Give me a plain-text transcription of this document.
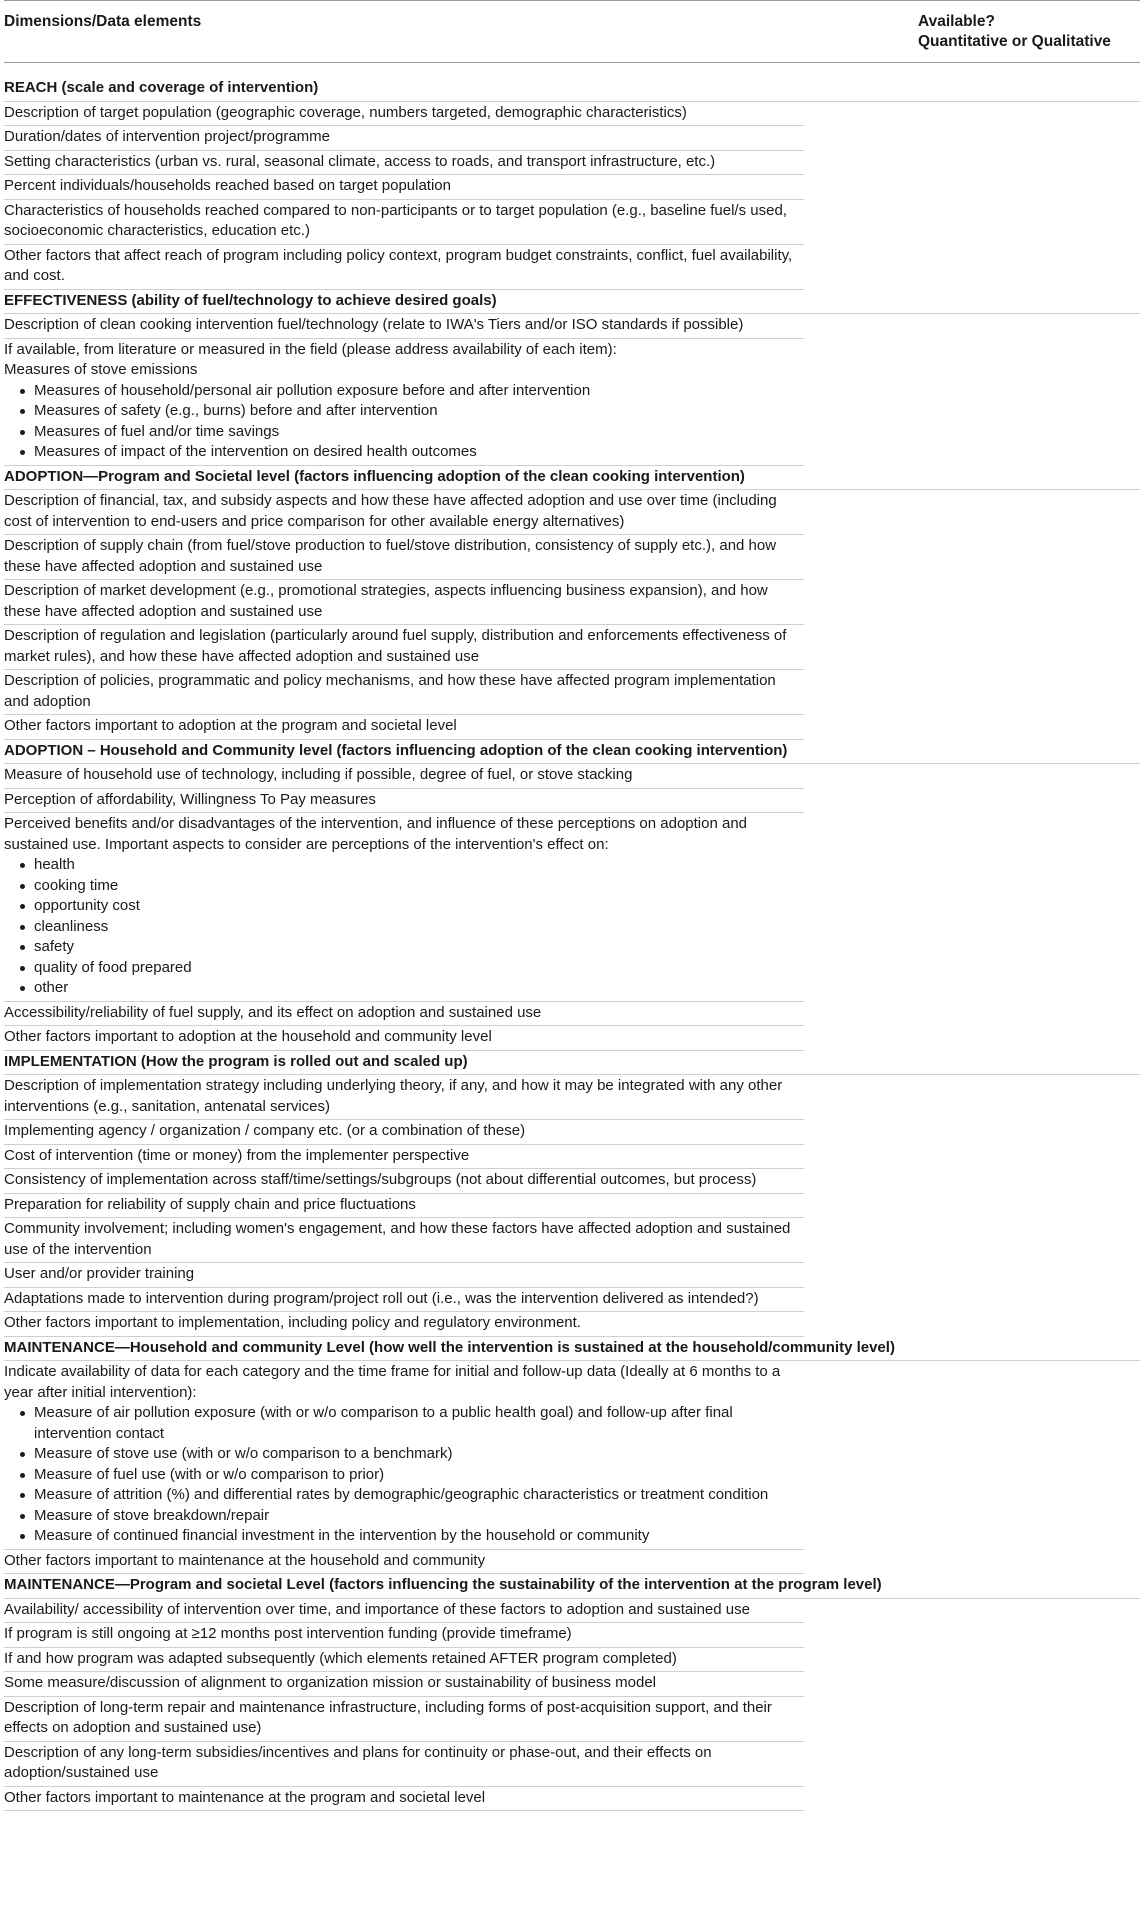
Dimensions/Data elements	Available?
Quantitative or Qualitative
REACH (scale and coverage of intervention)
Description of target population (geographic coverage, numbers targeted, demographic characteristics)
Duration/dates of intervention project/programme
Setting characteristics (urban vs. rural, seasonal climate, access to roads, and transport infrastructure, etc.)
Percent individuals/households reached based on target population
Characteristics of households reached compared to non-participants or to target population (e.g., baseline fuel/s used, socioeconomic characteristics, education etc.)
Other factors that affect reach of program including policy context, program budget constraints, conflict, fuel availability, and cost.
EFFECTIVENESS (ability of fuel/technology to achieve desired goals)
Description of clean cooking intervention fuel/technology (relate to IWA's Tiers and/or ISO standards if possible)
If available, from literature or measured in the field (please address availability of each item):
Measures of stove emissions
Measures of household/personal air pollution exposure before and after intervention
Measures of safety (e.g., burns) before and after intervention
Measures of fuel and/or time savings
Measures of impact of the intervention on desired health outcomes
ADOPTION—Program and Societal level (factors influencing adoption of the clean cooking intervention)
Description of financial, tax, and subsidy aspects and how these have affected adoption and use over time (including cost of intervention to end-users and price comparison for other available energy alternatives)
Description of supply chain (from fuel/stove production to fuel/stove distribution, consistency of supply etc.), and how these have affected adoption and sustained use
Description of market development (e.g., promotional strategies, aspects influencing business expansion), and how these have affected adoption and sustained use
Description of regulation and legislation (particularly around fuel supply, distribution and enforcements effectiveness of market rules), and how these have affected adoption and sustained use
Description of policies, programmatic and policy mechanisms, and how these have affected program implementation and adoption
Other factors important to adoption at the program and societal level
ADOPTION – Household and Community level (factors influencing adoption of the clean cooking intervention)
Measure of household use of technology, including if possible, degree of fuel, or stove stacking
Perception of affordability, Willingness To Pay measures
Perceived benefits and/or disadvantages of the intervention, and influence of these perceptions on adoption and sustained use. Important aspects to consider are perceptions of the intervention's effect on:
health
cooking time
opportunity cost
cleanliness
safety
quality of food prepared
other
Accessibility/reliability of fuel supply, and its effect on adoption and sustained use
Other factors important to adoption at the household and community level
IMPLEMENTATION (How the program is rolled out and scaled up)
Description of implementation strategy including underlying theory, if any, and how it may be integrated with any other interventions (e.g., sanitation, antenatal services)
Implementing agency / organization / company etc. (or a combination of these)
Cost of intervention (time or money) from the implementer perspective
Consistency of implementation across staff/time/settings/subgroups (not about differential outcomes, but process)
Preparation for reliability of supply chain and price fluctuations
Community involvement; including women's engagement, and how these factors have affected adoption and sustained use of the intervention
User and/or provider training
Adaptations made to intervention during program/project roll out (i.e., was the intervention delivered as intended?)
Other factors important to implementation, including policy and regulatory environment.
MAINTENANCE—Household and community Level (how well the intervention is sustained at the household/community level)
Indicate availability of data for each category and the time frame for initial and follow-up data (Ideally at 6 months to a year after initial intervention):
Measure of air pollution exposure (with or w/o comparison to a public health goal) and follow-up after final intervention contact
Measure of stove use (with or w/o comparison to a benchmark)
Measure of fuel use (with or w/o comparison to prior)
Measure of attrition (%) and differential rates by demographic/geographic characteristics or treatment condition
Measure of stove breakdown/repair
Measure of continued financial investment in the intervention by the household or community
Other factors important to maintenance at the household and community
MAINTENANCE—Program and societal Level (factors influencing the sustainability of the intervention at the program level)
Availability/ accessibility of intervention over time, and importance of these factors to adoption and sustained use
If program is still ongoing at ≥12 months post intervention funding (provide timeframe)
If and how program was adapted subsequently (which elements retained AFTER program completed)
Some measure/discussion of alignment to organization mission or sustainability of business model
Description of long-term repair and maintenance infrastructure, including forms of post-acquisition support, and their effects on adoption and sustained use)
Description of any long-term subsidies/incentives and plans for continuity or phase-out, and their effects on adoption/sustained use
Other factors important to maintenance at the program and societal level
